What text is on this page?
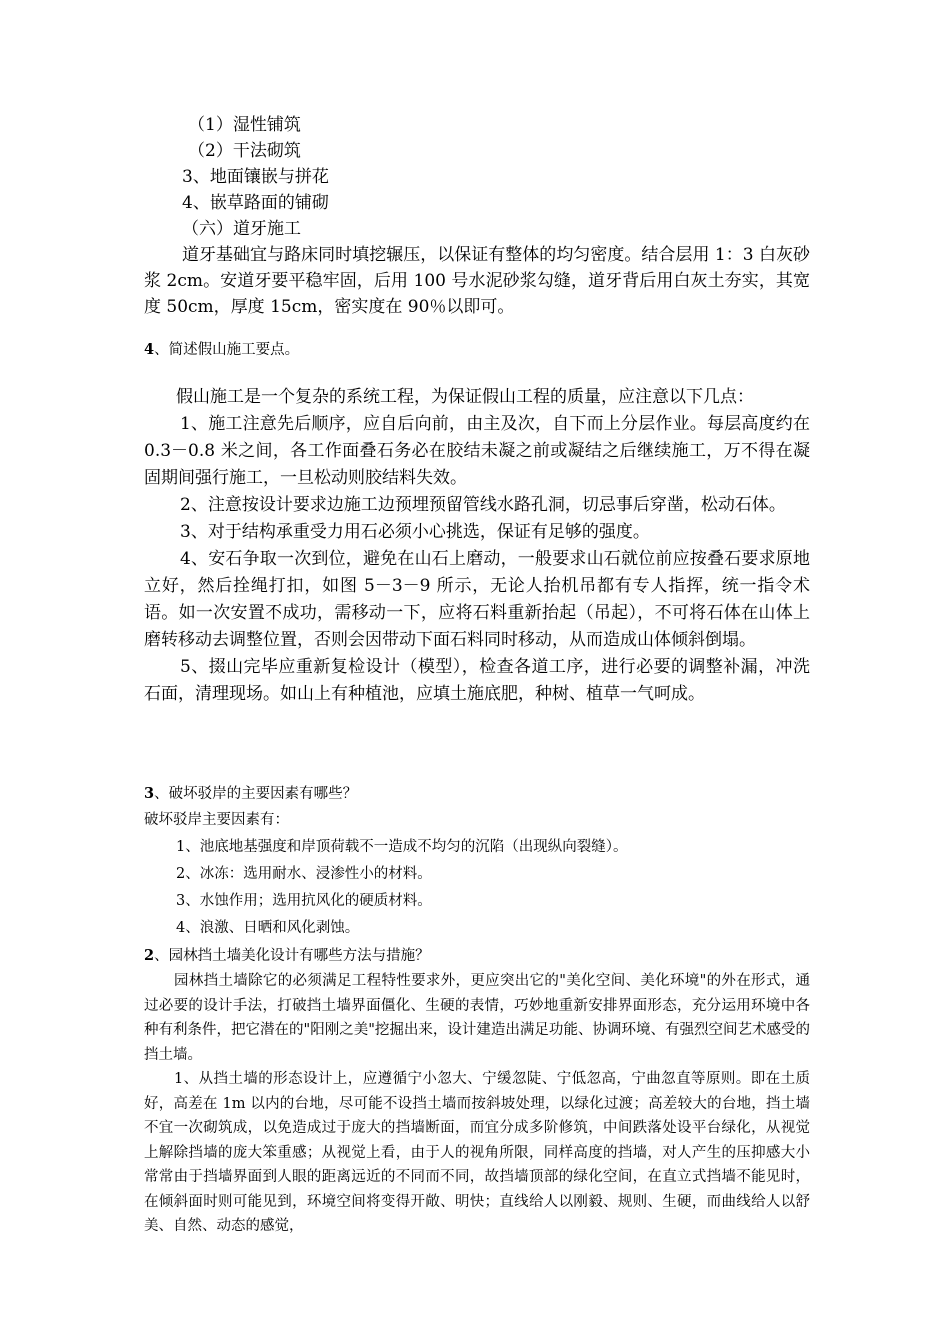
（1）湿性铺筑
（2）干法砌筑
3、地面镶嵌与拼花
4、嵌草路面的铺砌
（六）道牙施工
道牙基础宜与路床同时填挖辗压，以保证有整体的均匀密度。结合层用 1：3 白灰砂浆 2cm。安道牙要平稳牢固，后用 100 号水泥砂浆勾缝，道牙背后用白灰土夯实，其宽度 50cm，厚度 15cm，密实度在 90％以即可。
4、简述假山施工要点。
假山施工是一个复杂的系统工程，为保证假山工程的质量，应注意以下几点：
1、施工注意先后顺序，应自后向前，由主及次，自下而上分层作业。每层高度约在 0.3－0.8 米之间，各工作面叠石务必在胶结未凝之前或凝结之后继续施工，万不得在凝固期间强行施工，一旦松动则胶结料失效。
2、注意按设计要求边施工边预埋预留管线水路孔洞，切忌事后穿凿，松动石体。
3、对于结构承重受力用石必须小心挑选，保证有足够的强度。
4、安石争取一次到位，避免在山石上磨动，一般要求山石就位前应按叠石要求原地立好，然后拴绳打扣，如图 5－3－9 所示，无论人抬机吊都有专人指挥，统一指令术语。如一次安置不成功，需移动一下，应将石料重新抬起（吊起），不可将石体在山体上磨转移动去调整位置，否则会因带动下面石料同时移动，从而造成山体倾斜倒塌。
5、掇山完毕应重新复检设计（模型），检查各道工序，进行必要的调整补漏，冲洗石面，清理现场。如山上有种植池，应填土施底肥，种树、植草一气呵成。
3、破坏驳岸的主要因素有哪些？
破坏驳岸主要因素有：
1、池底地基强度和岸顶荷载不一造成不均匀的沉陷（出现纵向裂缝）。
2、冰冻：选用耐水、浸渗性小的材料。
3、水蚀作用；选用抗风化的硬质材料。
4、浪激、日晒和风化剥蚀。
2、园林挡土墙美化设计有哪些方法与措施？
园林挡土墙除它的必须满足工程特性要求外，更应突出它的"美化空间、美化环境"的外在形式，通过必要的设计手法，打破挡土墙界面僵化、生硬的表情，巧妙地重新安排界面形态，充分运用环境中各种有利条件，把它潜在的"阳刚之美"挖掘出来，设计建造出满足功能、协调环境、有强烈空间艺术感受的挡土墙。
1、从挡土墙的形态设计上，应遵循宁小忽大、宁缓忽陡、宁低忽高，宁曲忽直等原则。即在土质好，高差在 1m 以内的台地，尽可能不设挡土墙而按斜坡处理，以绿化过渡；高差较大的台地，挡土墙不宜一次砌筑成，以免造成过于庞大的挡墙断面，而宜分成多阶修筑，中间跌落处设平台绿化，从视觉上解除挡墙的庞大笨重感；从视觉上看，由于人的视角所限，同样高度的挡墙，对人产生的压抑感大小常常由于挡墙界面到人眼的距离远近的不同而不同，故挡墙顶部的绿化空间，在直立式挡墙不能见时，在倾斜面时则可能见到，环境空间将变得开敞、明快；直线给人以刚毅、规则、生硬，而曲线给人以舒美、自然、动态的感觉，
